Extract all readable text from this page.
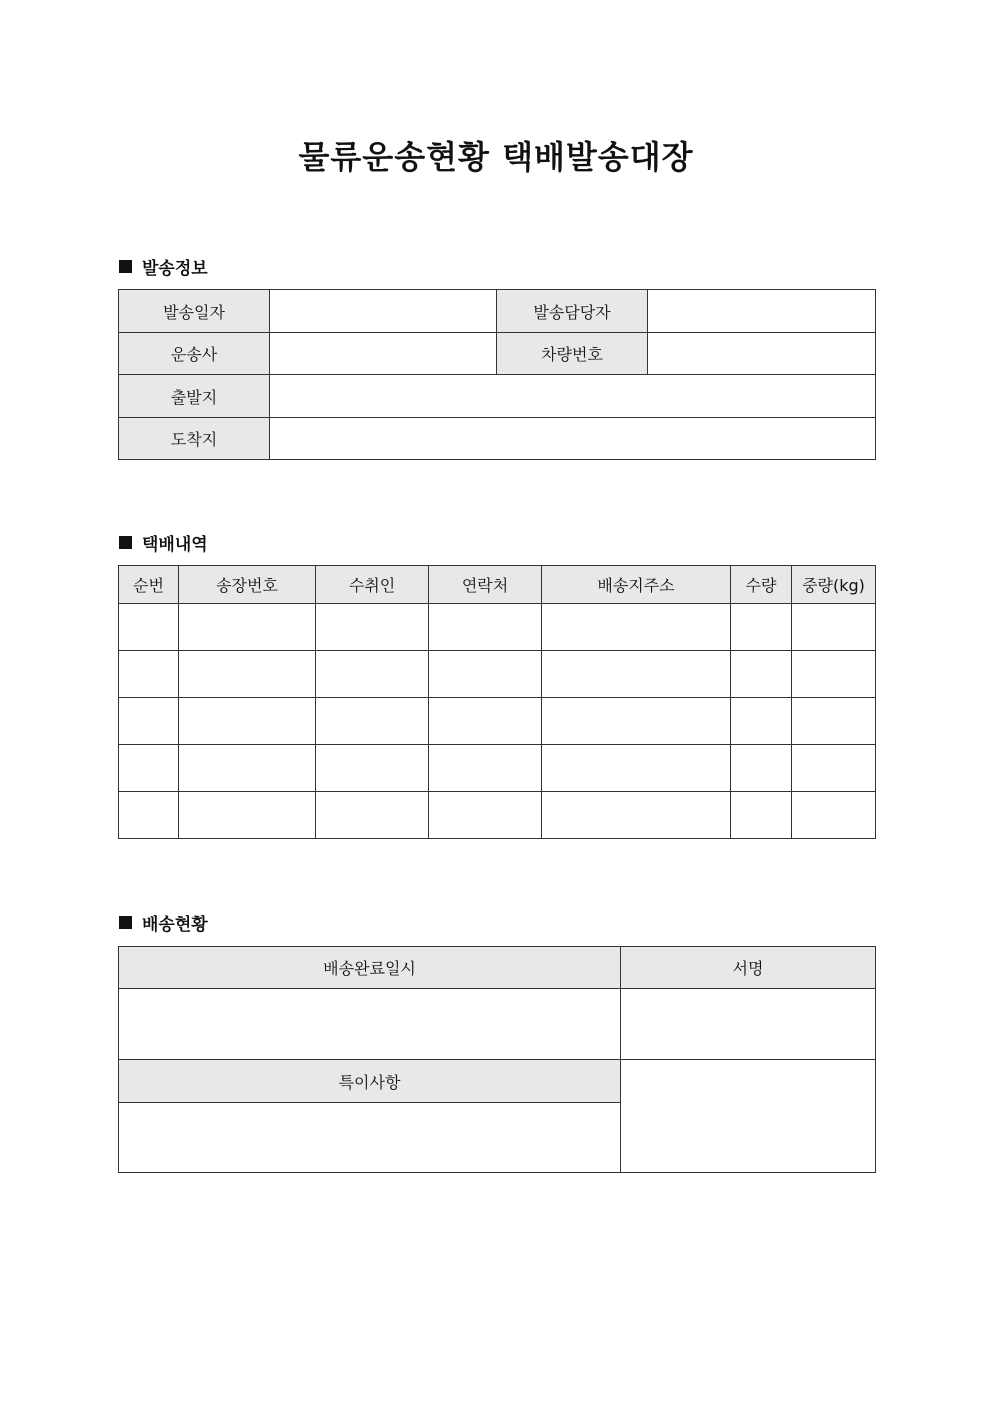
물류운송현황 택배발송대장
발송정보
발송일자		발송담당자	
운송사		차량번호	
출발지			
도착지			
택배내역
순번	송장번호	수취인	연락처	배송지주소	수량	중량(kg)

배송현황
배송완료일시	서명

특이사항	
